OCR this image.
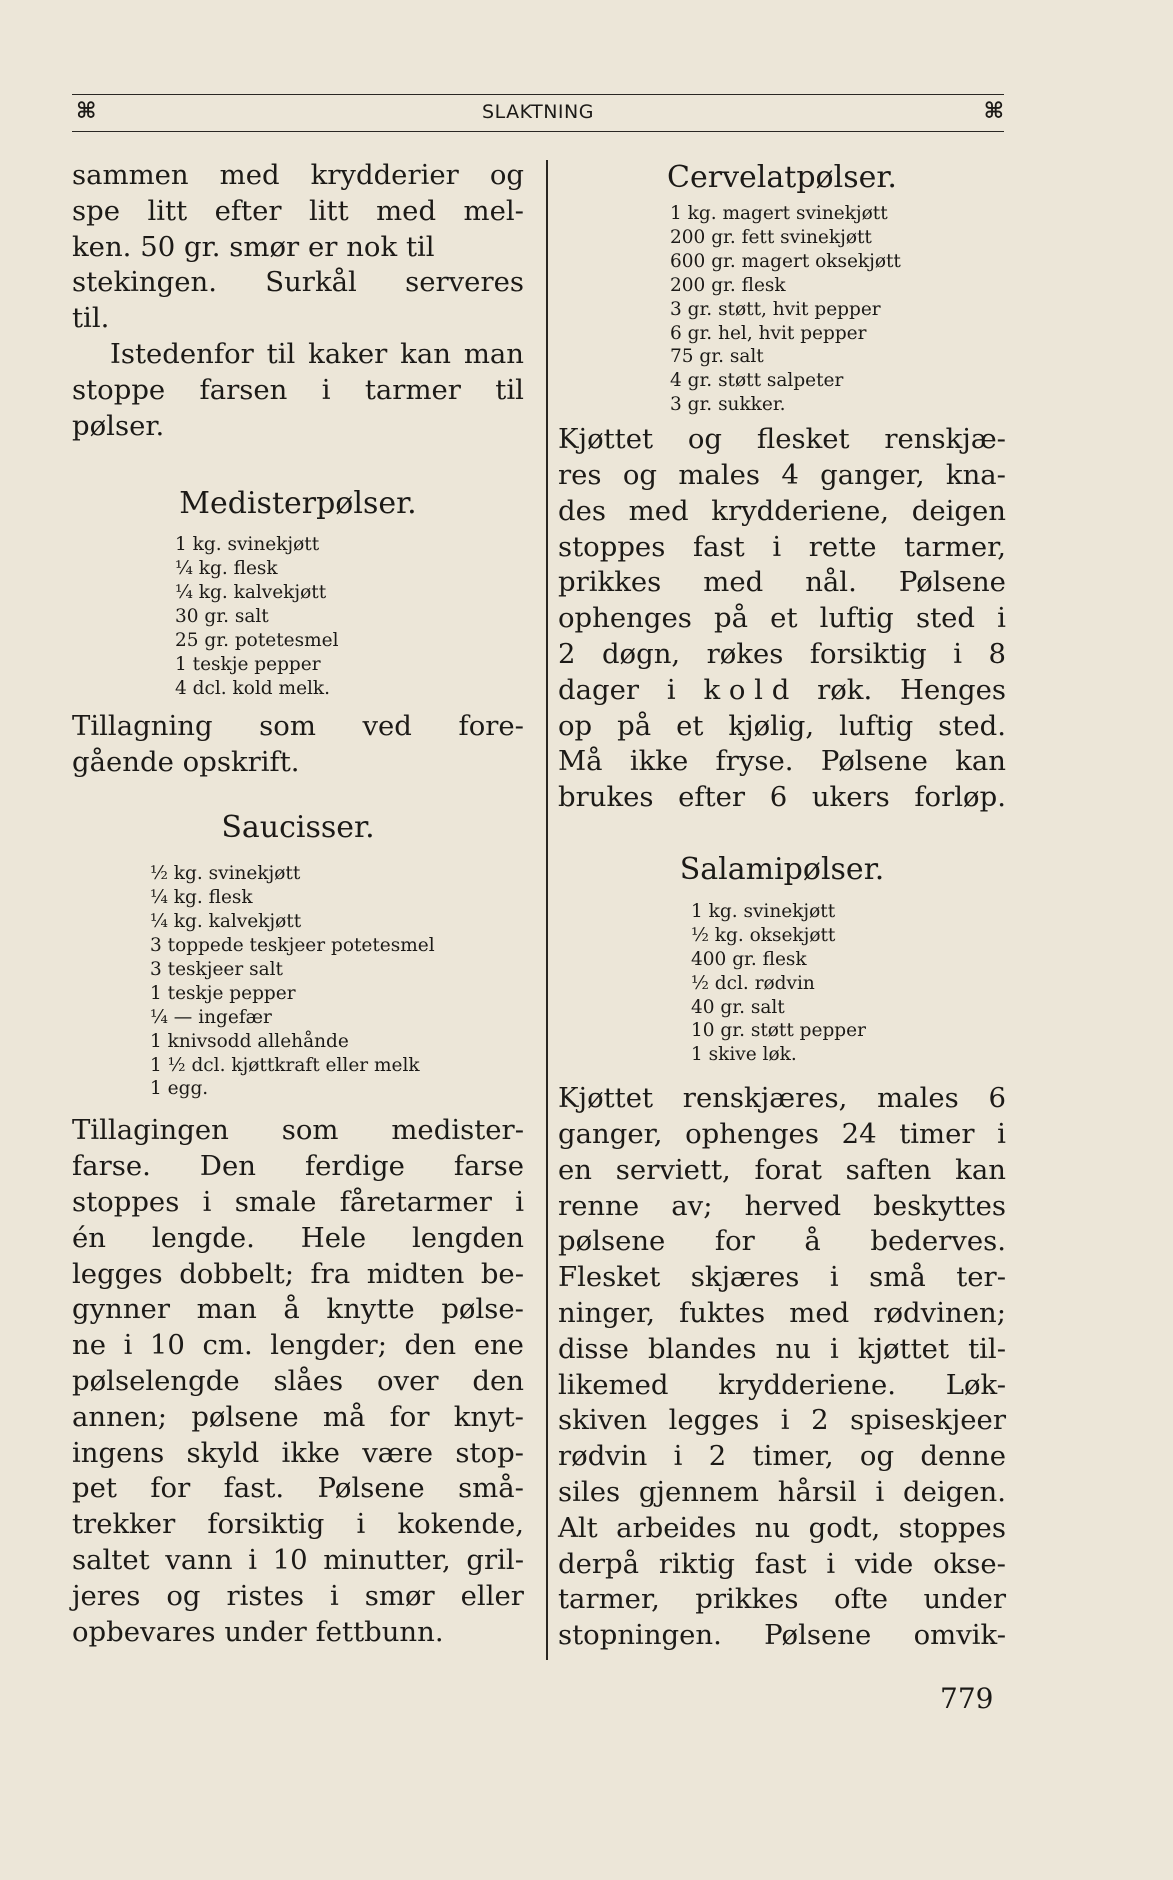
⌘	SLAKTNING	⌘
sammen med krydderier og
spe litt efter litt med mel-
ken. 50 gr. smør er nok til
stekingen. Surkål serveres
til.
Istedenfor til kaker kan man
stoppe farsen i tarmer til
pølser.
Medisterpølser.
1 kg. svinekjøtt
¼ kg. flesk
¼ kg. kalvekjøtt
30 gr. salt
25 gr. potetesmel
1 teskje pepper
4 dcl. kold melk.
Tillagning som ved fore-
gående opskrift.
Saucisser.
½ kg. svinekjøtt
¼ kg. flesk
¼ kg. kalvekjøtt
3 toppede teskjeer potetesmel
3 teskjeer salt
1 teskje pepper
¼ — ingefær
1 knivsodd allehånde
1 ½ dcl. kjøttkraft eller melk
1 egg.
Tillagingen som medister-
farse. Den ferdige farse
stoppes i smale fåretarmer i
én lengde. Hele lengden
legges dobbelt; fra midten be-
gynner man å knytte pølse-
ne i 10 cm. lengder; den ene
pølselengde slåes over den
annen; pølsene må for knyt-
ingens skyld ikke være stop-
pet for fast. Pølsene små-
trekker forsiktig i kokende,
saltet vann i 10 minutter, gril-
jeres og ristes i smør eller
opbevares under fettbunn.
Cervelatpølser.
1 kg. magert svinekjøtt
200 gr. fett svinekjøtt
600 gr. magert oksekjøtt
200 gr. flesk
3 gr. støtt, hvit pepper
6 gr. hel, hvit pepper
75 gr. salt
4 gr. støtt salpeter
3 gr. sukker.
Kjøttet og flesket renskjæ-
res og males 4 ganger, kna-
des med krydderiene, deigen
stoppes fast i rette tarmer,
prikkes med nål. Pølsene
ophenges på et luftig sted i
2 døgn, røkes forsiktig i 8
dager i k o l d røk. Henges
op på et kjølig, luftig sted.
Må ikke fryse. Pølsene kan
brukes efter 6 ukers forløp.
Salamipølser.
1 kg. svinekjøtt
½ kg. oksekjøtt
400 gr. flesk
½ dcl. rødvin
40 gr. salt
10 gr. støtt pepper
1 skive løk.
Kjøttet renskjæres, males 6
ganger, ophenges 24 timer i
en serviett, forat saften kan
renne av; herved beskyttes
pølsene for å bederves.
Flesket skjæres i små ter-
ninger, fuktes med rødvinen;
disse blandes nu i kjøttet til-
likemed krydderiene. Løk-
skiven legges i 2 spiseskjeer
rødvin i 2 timer, og denne
siles gjennem hårsil i deigen.
Alt arbeides nu godt, stoppes
derpå riktig fast i vide okse-
tarmer, prikkes ofte under
stopningen. Pølsene omvik-
779
